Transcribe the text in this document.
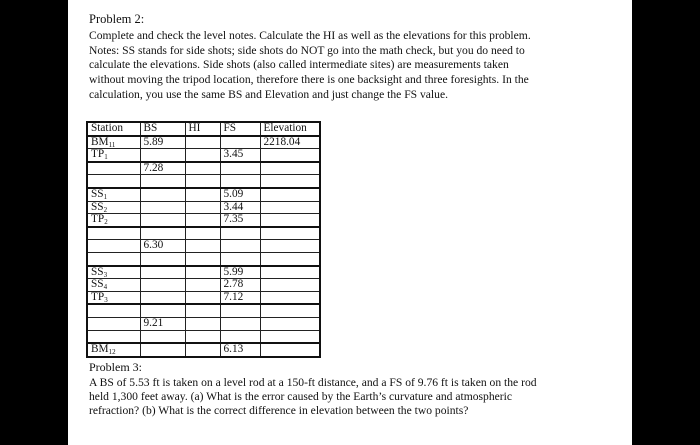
Problem 2:
Complete and check the level notes. Calculate the HI as well as the elevations for this problem.
Notes: SS stands for side shots; side shots do NOT go into the math check, but you do need to
calculate the elevations. Side shots (also called intermediate sites) are measurements taken
without moving the tripod location, therefore there is one backsight and three foresights. In the
calculation, you use the same BS and Elevation and just change the FS value.
Station	BS	HI	FS	Elevation
$BM_{11}$	5.89			2218.04
$TP_1$			3.45	
	7.28			

$SS_1$			5.09	
$SS_2$			3.44	
$TP_2$			7.35	

	6.30			

$SS_3$			5.99	
$SS_4$			2.78	
$TP_3$			7.12	

	9.21			

$BM_{12}$			6.13	
Problem 3:
A BS of 5.53 ft is taken on a level rod at a 150-ft distance, and a FS of 9.76 ft is taken on the rod
held 1,300 feet away. (a) What is the error caused by the Earth’s curvature and atmospheric
refraction? (b) What is the correct difference in elevation between the two points?
